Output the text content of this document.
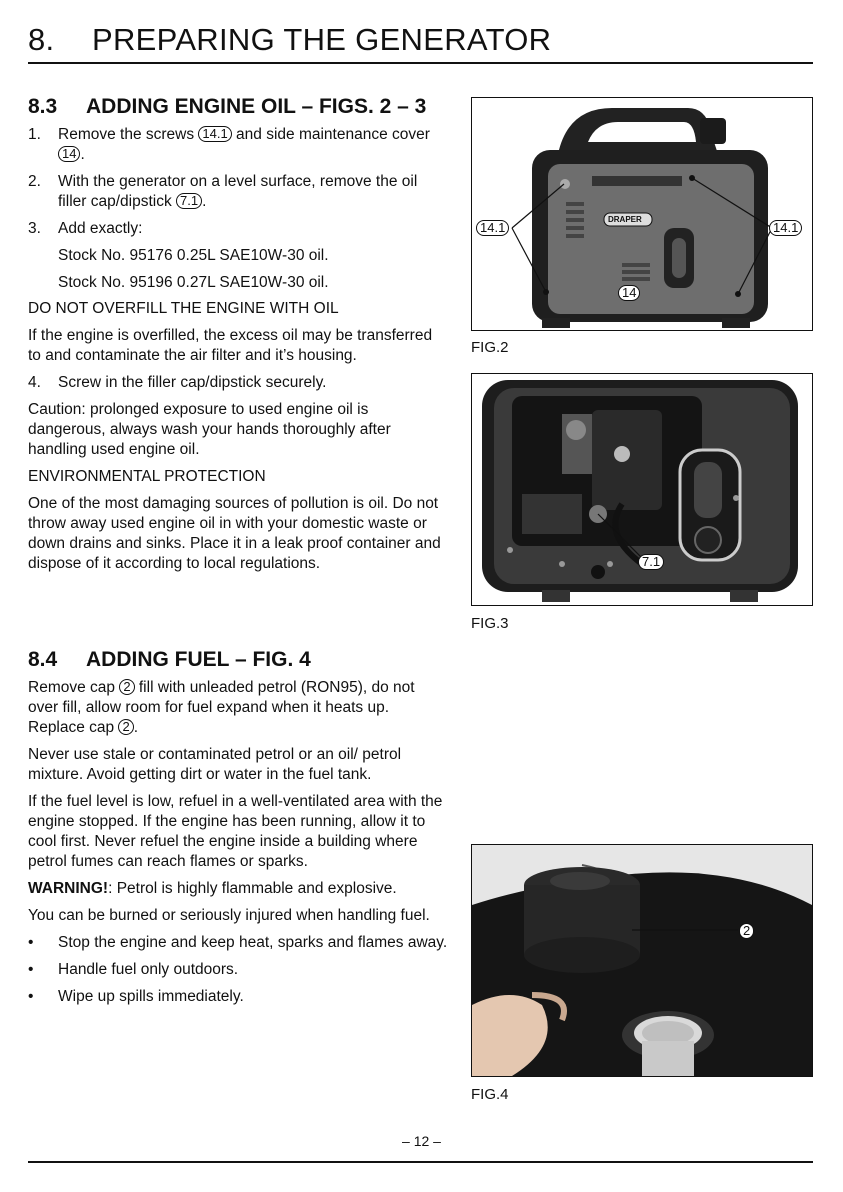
8. PREPARING THE GENERATOR

8.3 ADDING ENGINE OIL – FIGS. 2 – 3

1.	Remove the screws 14.1 and side maintenance cover 14 .
2.	With the generator on a level surface, remove the oil filler cap/dipstick 7.1 .
3.	Add exactly:

Stock No. 95176 0.25L SAE10W-30 oil.

Stock No. 95196 0.27L SAE10W-30 oil.

DO NOT OVERFILL THE ENGINE WITH OIL

If the engine is overfilled, the excess oil may be transferred to and contaminate the air filter and it’s housing.

4.	Screw in the filler cap/dipstick securely.

Caution: prolonged exposure to used engine oil is dangerous, always wash your hands thoroughly after handling used engine oil.

ENVIRONMENTAL PROTECTION

One of the most damaging sources of pollution is oil. Do not throw away used engine oil in with your domestic waste or down drains and sinks. Place it in a leak proof container and dispose of it according to local regulations.

8.4 ADDING FUEL – FIG. 4

Remove cap 2 fill with unleaded petrol (RON95), do not over fill, allow room for fuel expand when it heats up. Replace cap 2 .

Never use stale or contaminated petrol or an oil/ petrol mixture. Avoid getting dirt or water in the fuel tank.

If the fuel level is low, refuel in a well-ventilated area with the engine stopped. If the engine has been running, allow it to cool first. Never refuel the engine inside a building where petrol fumes can reach flames or sparks.

WARNING!: Petrol is highly flammable and explosive.

You can be burned or seriously injured when handling fuel.

•	Stop the engine and keep heat, sparks and flames away.
•	Handle fuel only outdoors.
•	Wipe up spills immediately.
14.1	14.1
14
DRAPER
FIG.2
7.1
FIG.3
2
FIG.4
– 12 –
